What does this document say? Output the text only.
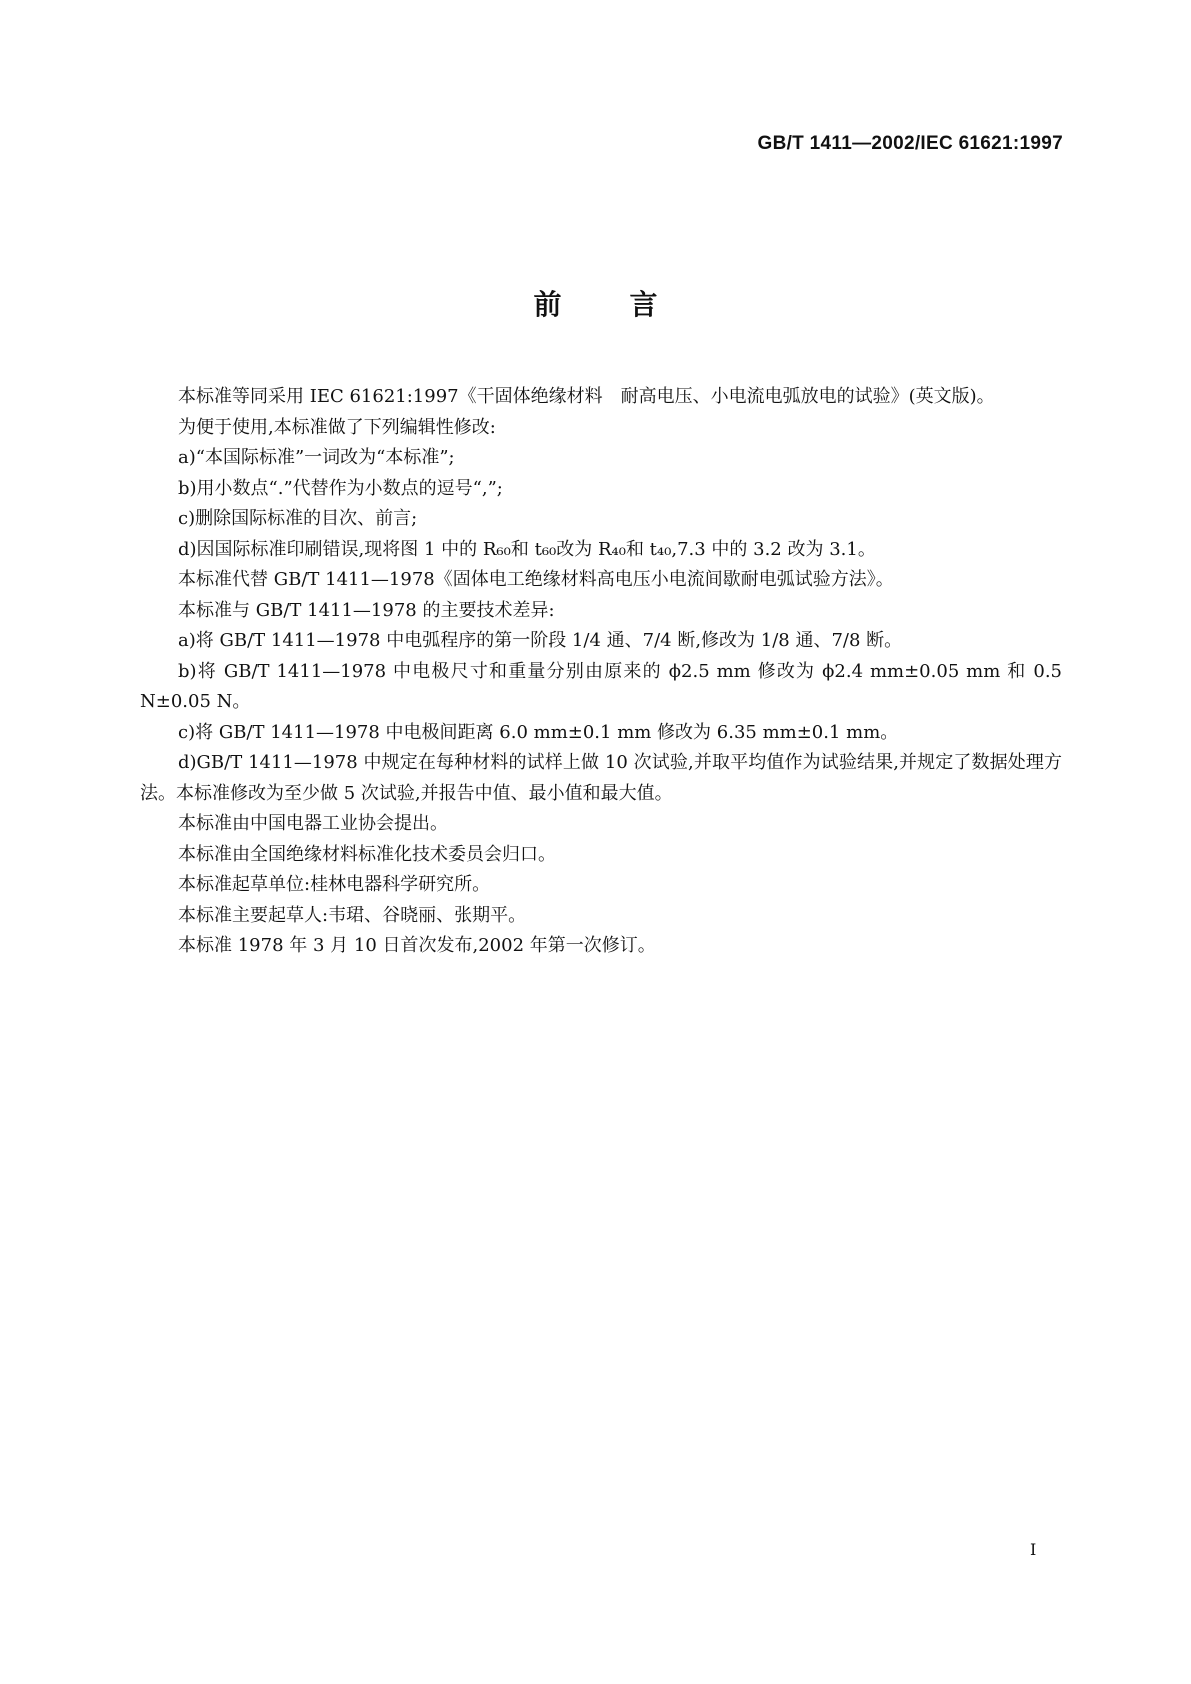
GB/T 1411—2002/IEC 61621:1997
前言

本标准等同采用 IEC 61621:1997《干固体绝缘材料　耐高电压、小电流电弧放电的试验》(英文版)。

为便于使用,本标准做了下列编辑性修改:

a)“本国际标准”一词改为“本标准”;

b)用小数点“.”代替作为小数点的逗号“,”;

c)删除国际标准的目次、前言;

d)因国际标准印刷错误,现将图 1 中的 R₆₀和 t₆₀改为 R₄₀和 t₄₀,7.3 中的 3.2 改为 3.1。

本标准代替 GB/T 1411—1978《固体电工绝缘材料高电压小电流间歇耐电弧试验方法》。

本标准与 GB/T 1411—1978 的主要技术差异:

a)将 GB/T 1411—1978 中电弧程序的第一阶段 1/4 通、7/4 断,修改为 1/8 通、7/8 断。

b)将 GB/T 1411—1978 中电极尺寸和重量分别由原来的 ϕ2.5 mm 修改为 ϕ2.4 mm±0.05 mm 和 0.5 N±0.05 N。

c)将 GB/T 1411—1978 中电极间距离 6.0 mm±0.1 mm 修改为 6.35 mm±0.1 mm。

d)GB/T 1411—1978 中规定在每种材料的试样上做 10 次试验,并取平均值作为试验结果,并规定了数据处理方法。本标准修改为至少做 5 次试验,并报告中值、最小值和最大值。

本标准由中国电器工业协会提出。

本标准由全国绝缘材料标准化技术委员会归口。

本标准起草单位:桂林电器科学研究所。

本标准主要起草人:韦珺、谷晓丽、张期平。

本标准 1978 年 3 月 10 日首次发布,2002 年第一次修订。

I
